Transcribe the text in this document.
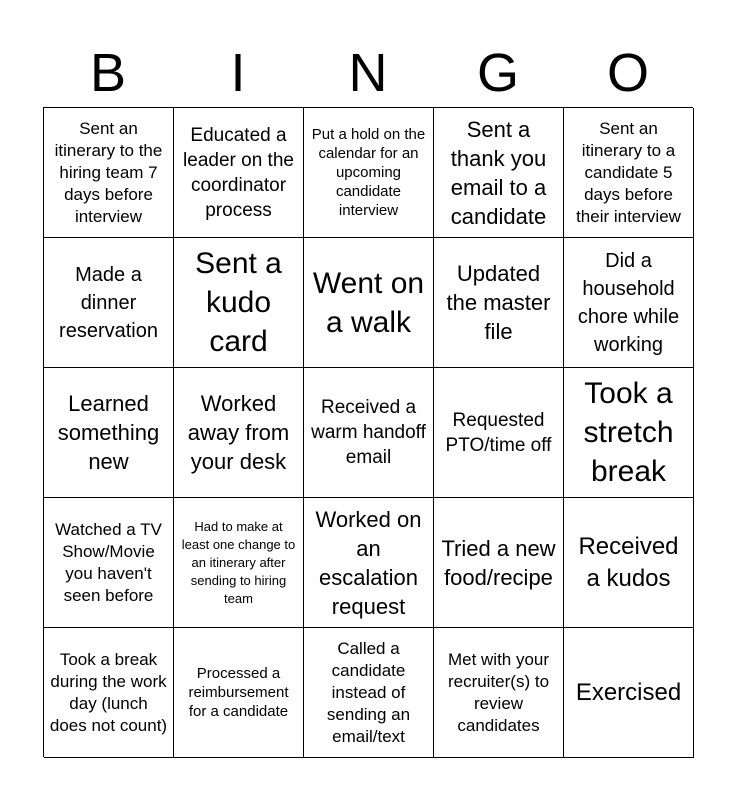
B	I	N	G	O
Sent an itinerary to the hiring team 7 days before interview
Educated a leader on the coordinator process
Put a hold on the calendar for an upcoming candidate interview
Sent a thank you email to a candidate
Sent an itinerary to a candidate 5 days before their interview
Made a dinner reservation
Sent a kudo card
Went on a walk
Updated the master file
Did a household chore while working
Learned something new
Worked away from your desk
Received a warm handoff email
Requested PTO/time off
Took a stretch break
Watched a TV Show/Movie you haven't seen before
Had to make at least one change to an itinerary after sending to hiring team
Worked on an escalation request
Tried a new food/recipe
Received a kudos
Took a break during the work day (lunch does not count)
Processed a reimbursement for a candidate
Called a candidate instead of sending an email/text
Met with your recruiter(s) to review candidates
Exercised
